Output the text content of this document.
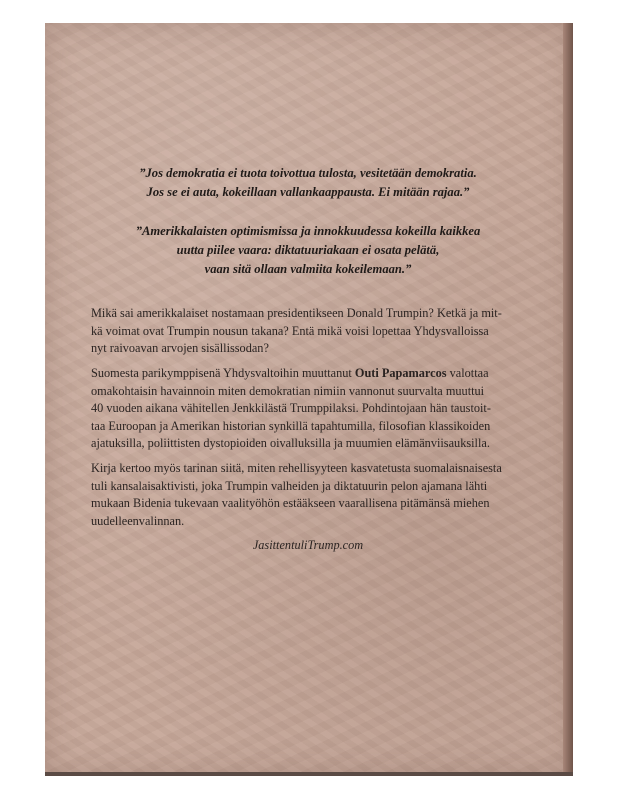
”Jos demokratia ei tuota toivottua tulosta, vesitetään demokratia.
Jos se ei auta, kokeillaan vallankaappausta. Ei mitään rajaa.”
”Amerikkalaisten optimismissa ja innokkuudessa kokeilla kaikkea
uutta piilee vaara: diktatuuriakaan ei osata pelätä,
vaan sitä ollaan valmiita kokeilemaan.”
Mikä sai amerikkalaiset nostamaan presidentikseen Donald Trumpin? Ketkä ja mit-
kä voimat ovat Trumpin nousun takana? Entä mikä voisi lopettaa Yhdysvalloissa
nyt raivoavan arvojen sisällissodan?
Suomesta parikymppisenä Yhdysvaltoihin muuttanut Outi Papamarcos valottaa
omakohtaisin havainnoin miten demokratian nimiin vannonut suurvalta muuttui
40 vuoden aikana vähitellen Jenkkilästä Trumppilaksi. Pohdintojaan hän taustoit-
taa Euroopan ja Amerikan historian synkillä tapahtumilla, filosofian klassikoiden
ajatuksilla, poliittisten dystopioiden oivalluksilla ja muumien elämänviisauksilla.
Kirja kertoo myös tarinan siitä, miten rehellisyyteen kasvatetusta suomalaisnaisesta
tuli kansalaisaktivisti, joka Trumpin valheiden ja diktatuurin pelon ajamana lähti
mukaan Bidenia tukevaan vaalityöhön estääkseen vaarallisena pitämänsä miehen
uudelleenvalinnan.
JasittentuliTrump.com
